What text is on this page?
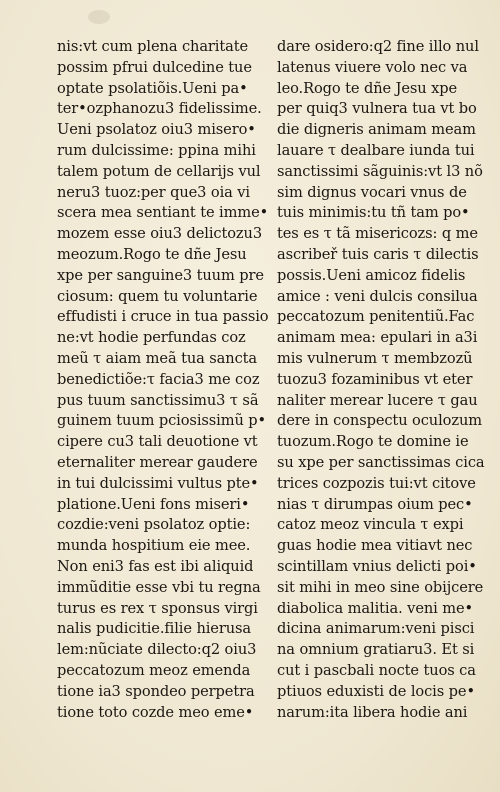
nis:vt cum plena charitate
possim pfrui dulcedine tue
optate psolatiõis.Ueni pa•
ter•ozphanozu3 fidelissime.
Ueni psolatoz oiu3 misero•
rum dulcissime: ppina mihi
talem potum de cellarijs vul
neru3 tuoz:per que3 oia vi
scera mea sentiant te imme•
mozem esse oiu3 delictozu3
meozum.Rogo te dñe Jesu
xpe per sanguine3 tuum pre
ciosum: quem tu voluntarie
effudisti i cruce in tua passio
ne:vt hodie perfundas coz
meũ τ aiam meã tua sancta
benedictiõe:τ facia3 me coz
pus tuum sanctissimu3 τ sã
guinem tuum pciosissimũ p•
cipere cu3 tali deuotione vt
eternaliter merear gaudere
in tui dulcissimi vultus pte•
platione.Ueni fons miseri•
cozdie:veni psolatoz optie:
munda hospitium eie mee.
Non eni3 fas est ibi aliquid
immũditie esse vbi tu regna
turus es rex τ sponsus virgi
nalis pudicitie.filie hierusa
lem:nũciate dilecto:q2 oiu3
peccatozum meoz emenda
tione ia3 spondeo perpetra
tione toto cozde meo eme•
dare osidero:q2 fine illo nul
latenus viuere volo nec va
leo.Rogo te dñe Jesu xpe
per quiq3 vulnera tua vt bo
die digneris animam meam
lauare τ dealbare iunda tui
sanctissimi sãguinis:vt l3 nõ
sim dignus vocari vnus de
tuis minimis:tu tñ tam po•
tes es τ tã misericozs: q me
ascribeř tuis caris τ dilectis
possis.Ueni amicoz fidelis
amice : veni dulcis consilua
peccatozum penitentiũ.Fac
animam mea: epulari in a3i
mis vulnerum τ membzozũ
tuozu3 fozaminibus vt eter
naliter merear lucere τ gau
dere in conspectu oculozum
tuozum.Rogo te domine ie
su xpe per sanctissimas cica
trices cozpozis tui:vt citove
nias τ dirumpas oium pec•
catoz meoz vincula τ expi
guas hodie mea vitiavt nec
scintillam vnius delicti poi•
sit mihi in meo sine obijcere
diabolica malitia. veni me•
dicina animarum:veni pisci
na omnium gratiaru3. Et si
cut i pascbali nocte tuos ca
ptiuos eduxisti de locis pe•
narum:ita libera hodie ani
